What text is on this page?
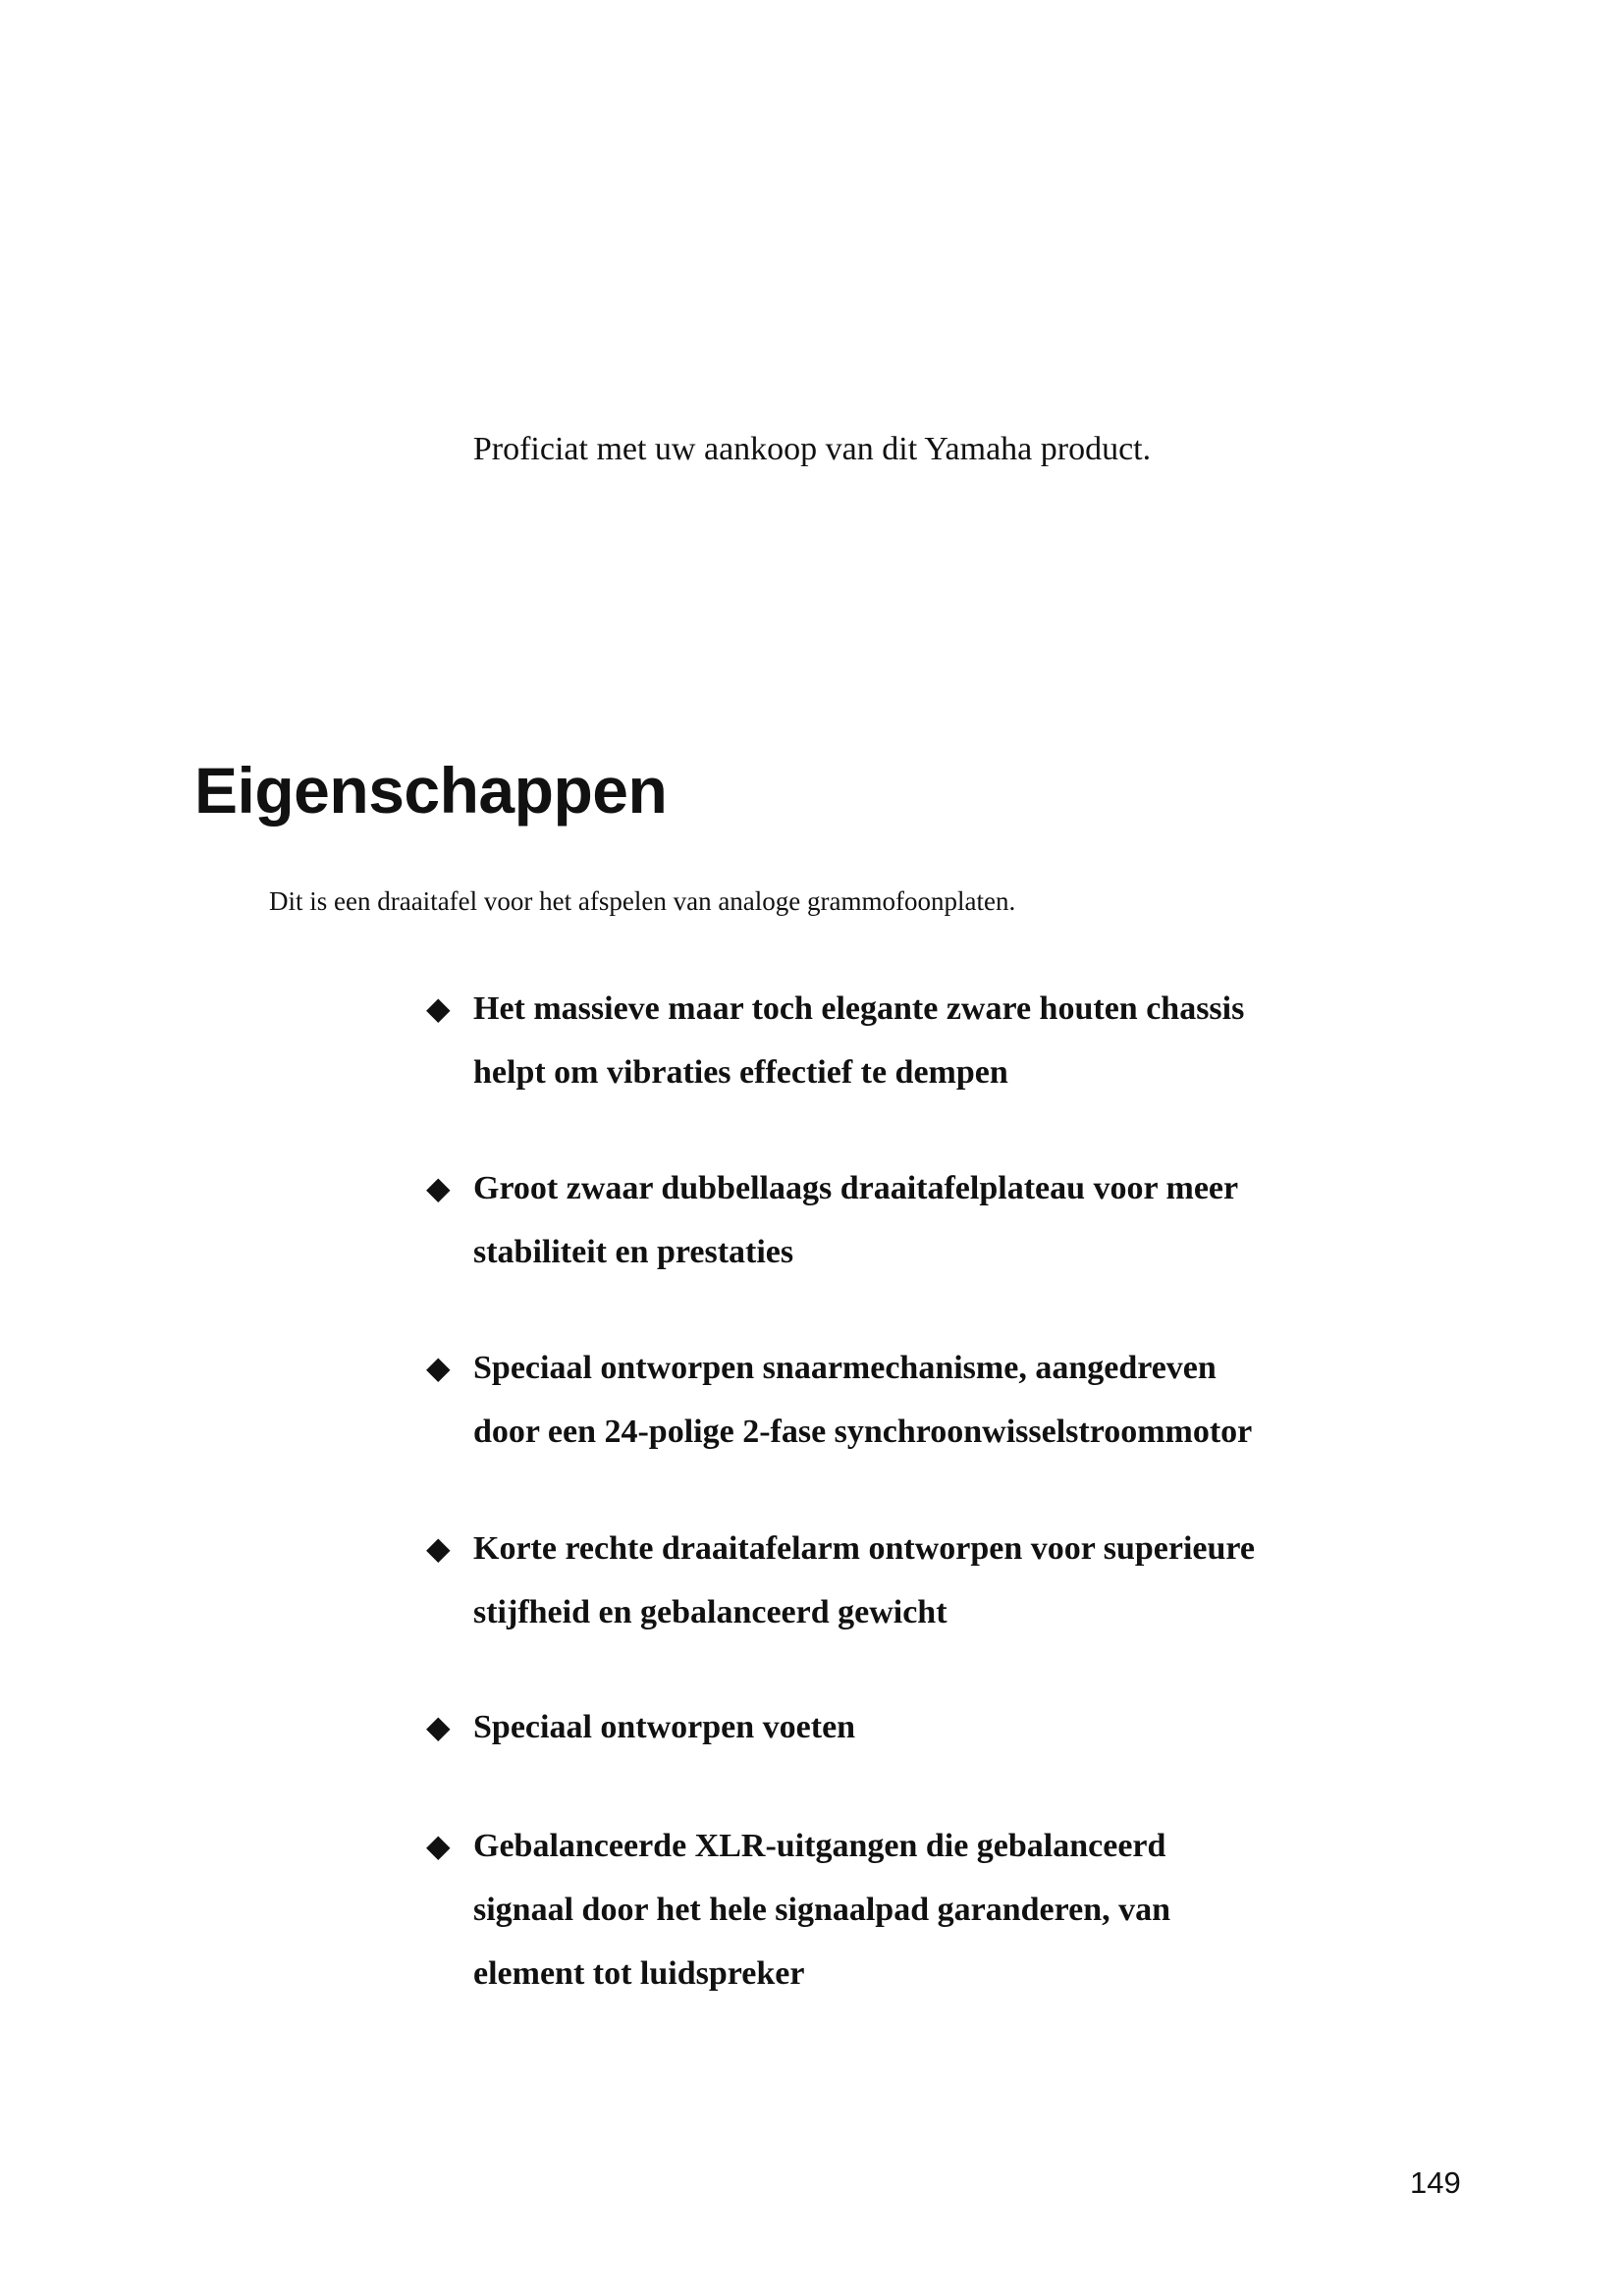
Proficiat met uw aankoop van dit Yamaha product.

Eigenschappen

Dit is een draaitafel voor het afspelen van analoge grammofoonplaten.

◆ Het massieve maar toch elegante zware houten chassis
helpt om vibraties effectief te dempen
◆ Groot zwaar dubbellaags draaitafelplateau voor meer
stabiliteit en prestaties
◆ Speciaal ontworpen snaarmechanisme, aangedreven
door een 24-polige 2-fase synchroonwisselstroommotor
◆ Korte rechte draaitafelarm ontworpen voor superieure
stijfheid en gebalanceerd gewicht
◆ Speciaal ontworpen voeten
◆ Gebalanceerde XLR-uitgangen die gebalanceerd
signaal door het hele signaalpad garanderen, van
element tot luidspreker

149
